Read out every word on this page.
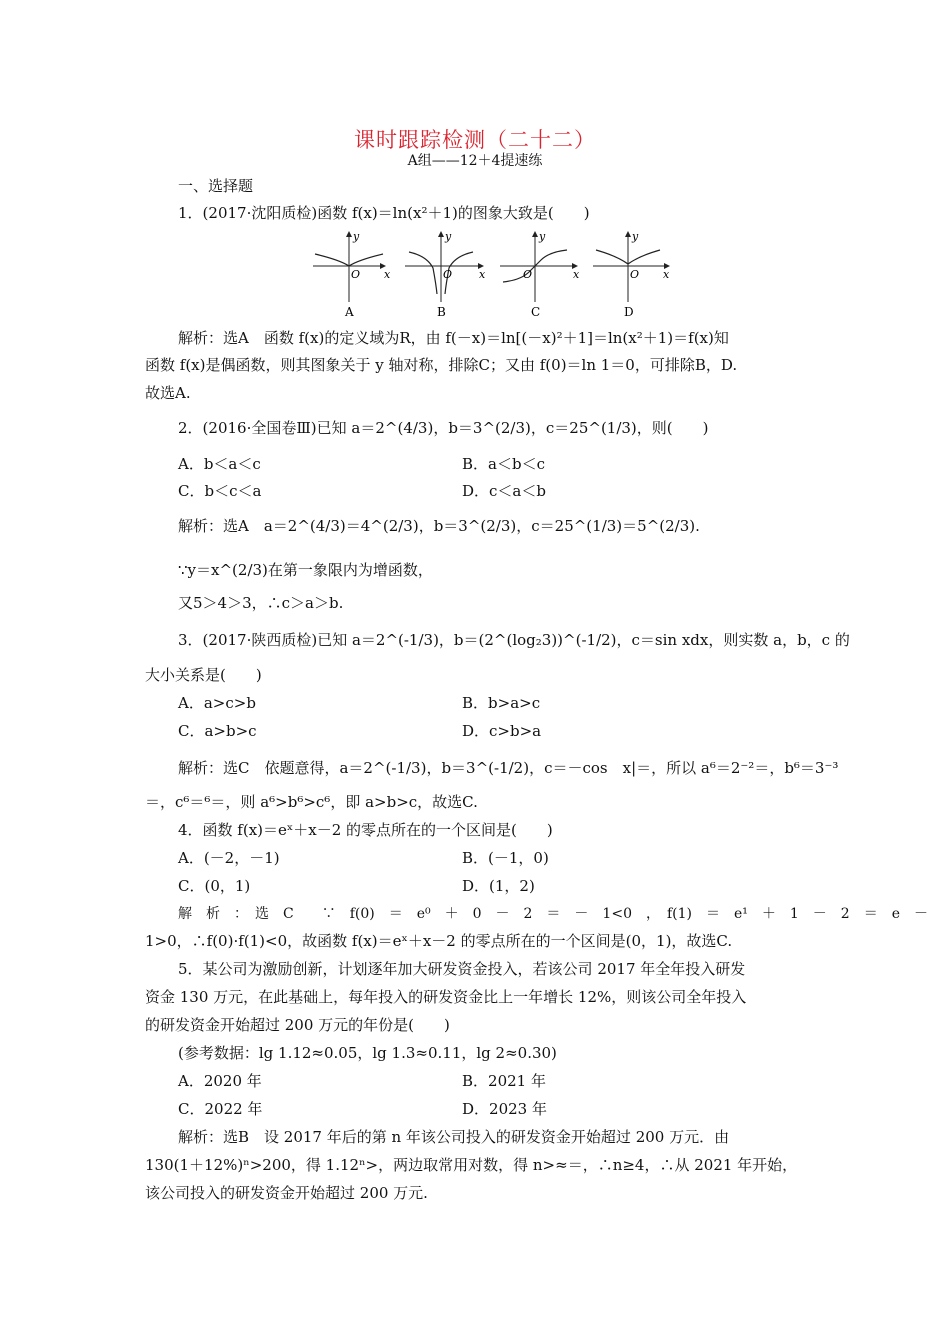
课时跟踪检测（二十二）
A组——12＋4提速练
一、选择题
1．(2017·沈阳质检)函数 f(x)＝ln(x²＋1)的图象大致是(　　)
O x
y
A
O x
y
B
O	x
y
C
O x
y
D
解析：选A　函数 f(x)的定义域为R，由 f(－x)＝ln[(－x)²＋1]＝ln(x²＋1)＝f(x)知
函数 f(x)是偶函数，则其图象关于 y 轴对称，排除C；又由 f(0)＝ln 1＝0，可排除B，D.
故选A.
2．(2016·全国卷Ⅲ)已知 a＝2^(4/3)，b＝3^(2/3)，c＝25^(1/3)，则(　　)
A．b＜a＜c	B．a＜b＜c
C．b＜c＜a	D．c＜a＜b
解析：选A　a＝2^(4/3)＝4^(2/3)，b＝3^(2/3)，c＝25^(1/3)＝5^(2/3).
∵y＝x^(2/3)在第一象限内为增函数，
又5＞4＞3，∴c＞a＞b.
3．(2017·陕西质检)已知 a＝2^(-1/3)，b＝(2^(log₂3))^(-1/2)，c＝sin xdx，则实数 a，b，c 的
大小关系是(　　)
A．a>c>b	B．b>a>c
C．a>b>c	D．c>b>a
解析：选C　依题意得，a＝2^(-1/3)，b＝3^(-1/2)，c＝－cos　x|＝，所以 a⁶＝2⁻²＝，b⁶＝3⁻³
＝，c⁶＝⁶＝，则 a⁶>b⁶>c⁶，即 a>b>c，故选C.
4．函数 f(x)＝eˣ＋x－2 的零点所在的一个区间是(　　)
A．(－2，－1)	B．(－1，0)
C．(0，1)	D．(1，2)
解　析　：　选　C　　∵　f(0)　＝　e⁰　＋　0　－　2　＝　－　1<0　，　f(1)　＝　e¹　＋　1　－　2　＝　e　－
1>0，∴f(0)·f(1)<0，故函数 f(x)＝eˣ＋x－2 的零点所在的一个区间是(0，1)，故选C.
5．某公司为激励创新，计划逐年加大研发资金投入，若该公司 2017 年全年投入研发
资金 130 万元，在此基础上，每年投入的研发资金比上一年增长 12%，则该公司全年投入
的研发资金开始超过 200 万元的年份是(　　)
(参考数据：lg 1.12≈0.05，lg 1.3≈0.11，lg 2≈0.30)
A．2020 年	B．2021 年
C．2022 年	D．2023 年
解析：选B　设 2017 年后的第 n 年该公司投入的研发资金开始超过 200 万元．由
130(1＋12%)ⁿ>200，得 1.12ⁿ>，两边取常用对数，得 n>≈＝，∴n≥4，∴从 2021 年开始，
该公司投入的研发资金开始超过 200 万元.
